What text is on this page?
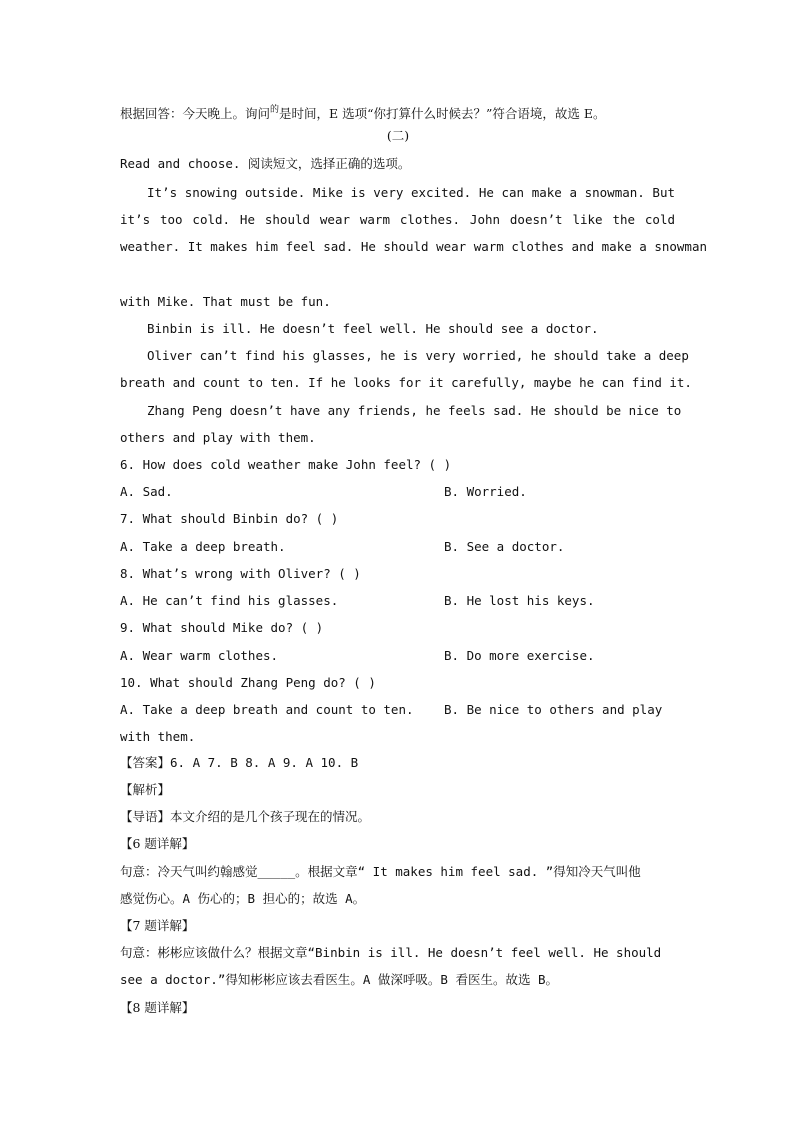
根据回答：今天晚上。询问$^的$是时间，E 选项“你打算什么时候去？”符合语境，故选 E。
(二)
Read and choose. 阅读短文，选择正确的选项。
It’s snowing outside. Mike is very excited. He can make a snowman. But
it’s too cold. He should wear warm clothes. John doesn’t like the cold
weather. It makes him feel sad. He should wear warm clothes and make a snowman
with Mike. That must be fun.
Binbin is ill. He doesn’t feel well. He should see a doctor.
Oliver can’t find his glasses, he is very worried, he should take a deep
breath and count to ten. If he looks for it carefully, maybe he can find it.
Zhang Peng doesn’t have any friends, he feels sad. He should be nice to
others and play with them.
6. How does cold weather make John feel? ( )
A. Sad.	B. Worried.
7. What should Binbin do? ( )
A. Take a deep breath.	B. See a doctor.
8. What’s wrong with Oliver? ( )
A. He can’t find his glasses.	B. He lost his keys.
9. What should Mike do? ( )
A. Wear warm clothes.	B. Do more exercise.
10. What should Zhang Peng do? ( )
A. Take a deep breath and count to ten. B. Be nice to others and play
with them.
【答案】6. A 7. B 8. A 9. A 10. B
【解析】
【导语】本文介绍的是几个孩子现在的情况。
【6 题详解】
句意：冷天气叫约翰感觉_____。根据文章“ It makes him feel sad. ”得知冷天气叫他
感觉伤心。A 伤心的；B 担心的；故选 A。
【7 题详解】
句意：彬彬应该做什么？根据文章“Binbin is ill. He doesn’t feel well. He should
see a doctor.”得知彬彬应该去看医生。A 做深呼吸。B 看医生。故选 B。
【8 题详解】
